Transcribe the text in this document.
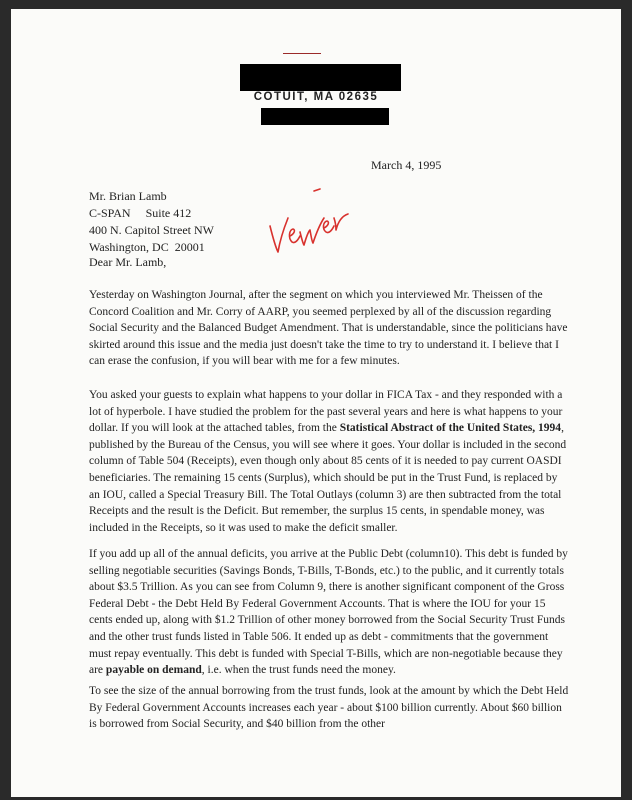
COTUIT, MA 02635
March 4, 1995
Mr. Brian Lamb
C-SPAN     Suite 412
400 N. Capitol Street NW
Washington, DC  20001
Dear Mr. Lamb,
Yesterday on Washington Journal, after the segment on which you interviewed Mr. Theissen of the Concord Coalition and Mr. Corry of AARP, you seemed perplexed by all of the discussion regarding Social Security and the Balanced Budget Amendment. That is understandable, since the politicians have skirted around this issue and the media just doesn't take the time to try to understand it. I believe that I can erase the confusion, if you will bear with me for a few minutes.
You asked your guests to explain what happens to your dollar in FICA Tax - and they responded with a lot of hyperbole. I have studied the problem for the past several years and here is what happens to your dollar. If you will look at the attached tables, from the Statistical Abstract of the United States, 1994, published by the Bureau of the Census, you will see where it goes. Your dollar is included in the second column of Table 504 (Receipts), even though only about 85 cents of it is needed to pay current OASDI beneficiaries. The remaining 15 cents (Surplus), which should be put in the Trust Fund, is replaced by an IOU, called a Special Treasury Bill. The Total Outlays (column 3) are then subtracted from the total Receipts and the result is the Deficit. But remember, the surplus 15 cents, in spendable money, was included in the Receipts, so it was used to make the deficit smaller.
If you add up all of the annual deficits, you arrive at the Public Debt (column10). This debt is funded by selling negotiable securities (Savings Bonds, T-Bills, T-Bonds, etc.) to the public, and it currently totals about $3.5 Trillion. As you can see from Column 9, there is another significant component of the Gross Federal Debt - the Debt Held By Federal Government Accounts. That is where the IOU for your 15 cents ended up, along with $1.2 Trillion of other money borrowed from the Social Security Trust Funds and the other trust funds listed in Table 506. It ended up as debt - commitments that the government must repay eventually. This debt is funded with Special T-Bills, which are non-negotiable because they are payable on demand, i.e. when the trust funds need the money.
To see the size of the annual borrowing from the trust funds, look at the amount by which the Debt Held By Federal Government Accounts increases each year - about $100 billion currently. About $60 billion is borrowed from Social Security, and $40 billion from the other
